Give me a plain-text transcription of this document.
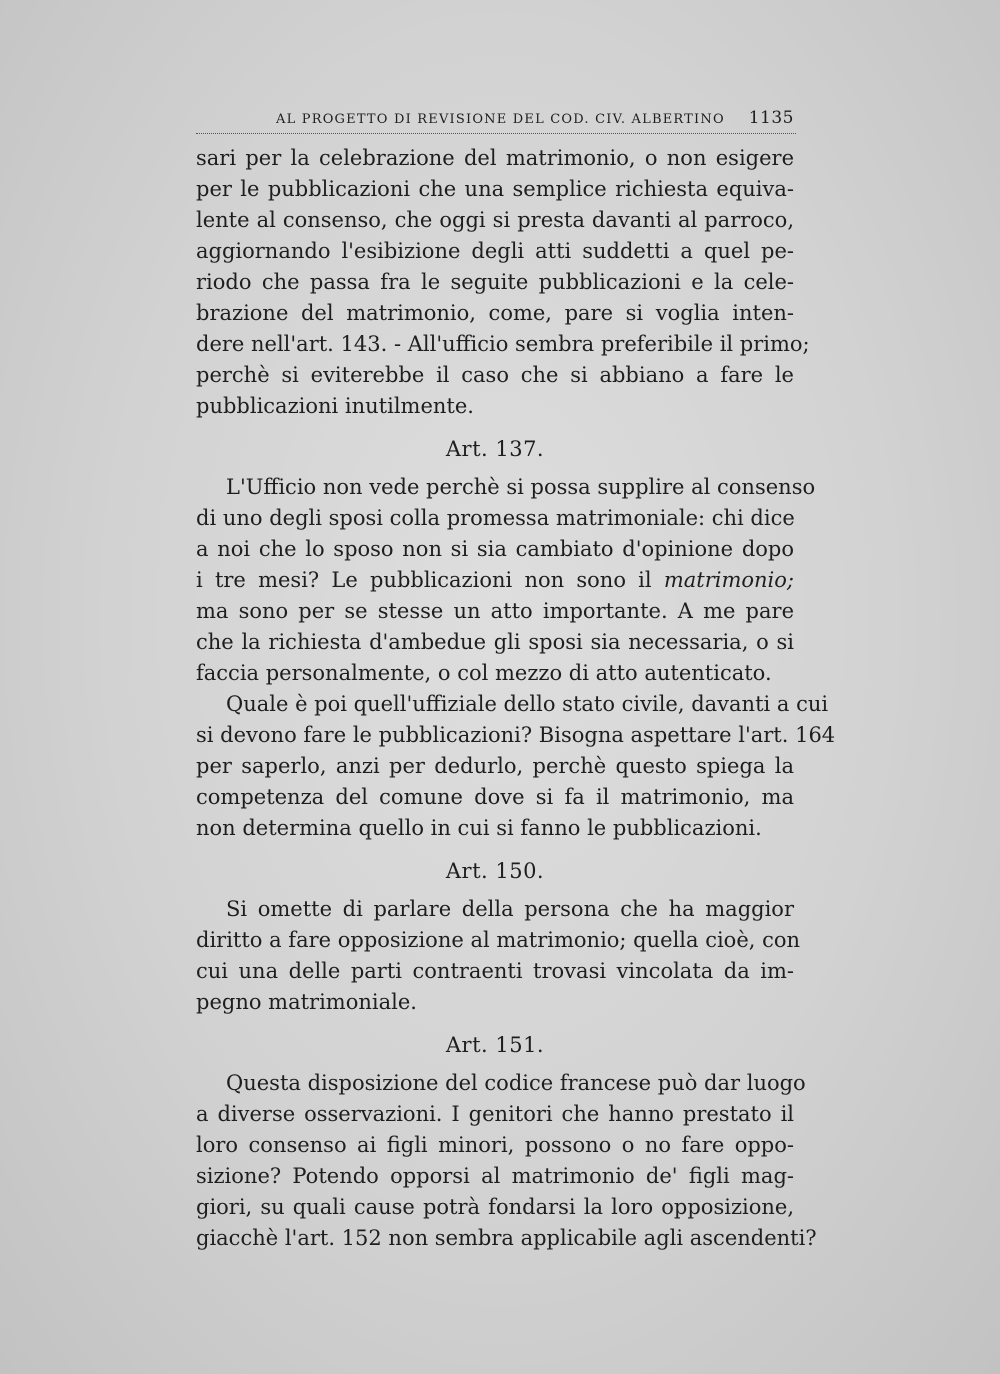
AL PROGETTO DI REVISIONE DEL COD. CIV. ALBERTINO 1135
sari per la celebrazione del matrimonio, o non esigere
per le pubblicazioni che una semplice richiesta equiva-
lente al consenso, che oggi si presta davanti al parroco,
aggiornando l'esibizione degli atti suddetti a quel pe-
riodo che passa fra le seguite pubblicazioni e la cele-
brazione del matrimonio, come, pare si voglia inten-
dere nell'art. 143. - All'ufficio sembra preferibile il primo;
perchè si eviterebbe il caso che si abbiano a fare le
pubblicazioni inutilmente.
Art. 137.
L'Ufficio non vede perchè si possa supplire al consenso
di uno degli sposi colla promessa matrimoniale: chi dice
a noi che lo sposo non si sia cambiato d'opinione dopo
i tre mesi? Le pubblicazioni non sono il matrimonio;
ma sono per se stesse un atto importante. A me pare
che la richiesta d'ambedue gli sposi sia necessaria, o si
faccia personalmente, o col mezzo di atto autenticato.
Quale è poi quell'uffiziale dello stato civile, davanti a cui
si devono fare le pubblicazioni? Bisogna aspettare l'art. 164
per saperlo, anzi per dedurlo, perchè questo spiega la
competenza del comune dove si fa il matrimonio, ma
non determina quello in cui si fanno le pubblicazioni.
Art. 150.
Si omette di parlare della persona che ha maggior
diritto a fare opposizione al matrimonio; quella cioè, con
cui una delle parti contraenti trovasi vincolata da im-
pegno matrimoniale.
Art. 151.
Questa disposizione del codice francese può dar luogo
a diverse osservazioni. I genitori che hanno prestato il
loro consenso ai figli minori, possono o no fare oppo-
sizione? Potendo opporsi al matrimonio de' figli mag-
giori, su quali cause potrà fondarsi la loro opposizione,
giacchè l'art. 152 non sembra applicabile agli ascendenti?
